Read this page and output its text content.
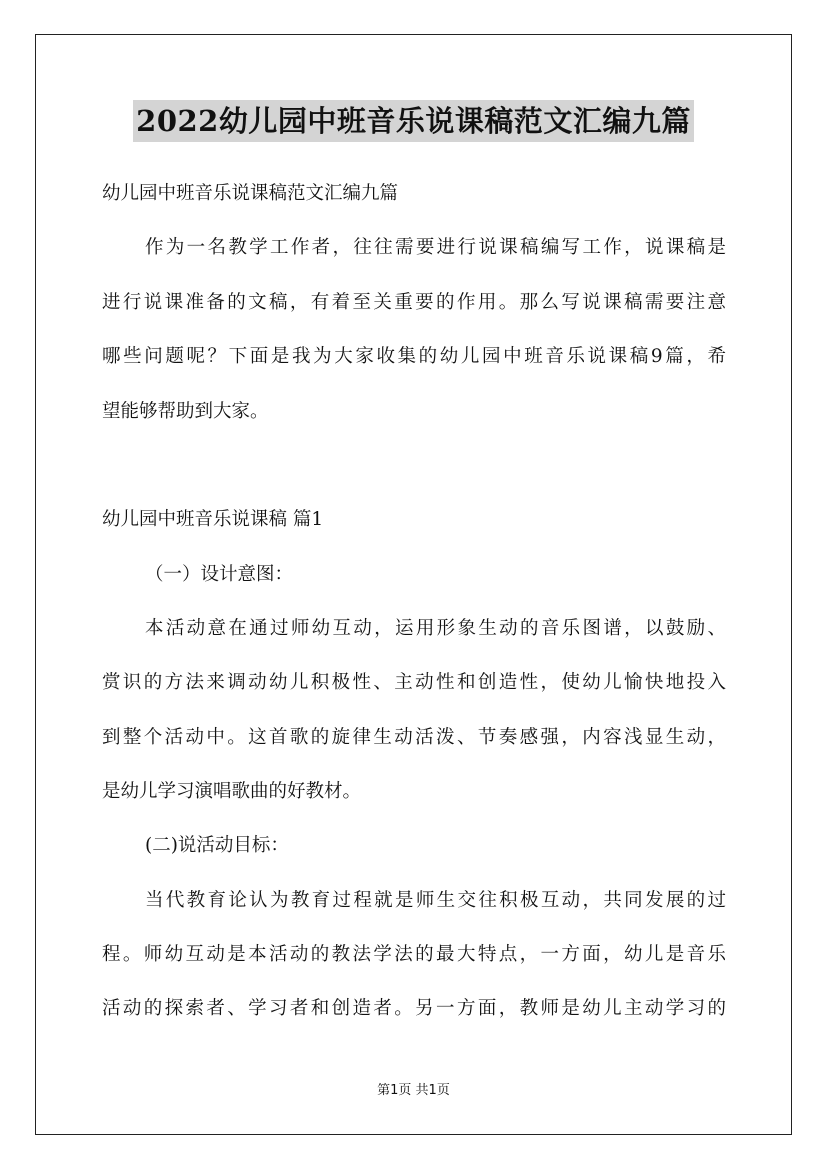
2022幼儿园中班音乐说课稿范文汇编九篇
幼儿园中班音乐说课稿范文汇编九篇
作为一名教学工作者，往往需要进行说课稿编写工作，说课稿是
进行说课准备的文稿，有着至关重要的作用。那么写说课稿需要注意
哪些问题呢？下面是我为大家收集的幼儿园中班音乐说课稿9篇，希
望能够帮助到大家。
幼儿园中班音乐说课稿 篇1
（一）设计意图：
本活动意在通过师幼互动，运用形象生动的音乐图谱，以鼓励、
赏识的方法来调动幼儿积极性、主动性和创造性，使幼儿愉快地投入
到整个活动中。这首歌的旋律生动活泼、节奏感强，内容浅显生动，
是幼儿学习演唱歌曲的好教材。
(二)说活动目标：
当代教育论认为教育过程就是师生交往积极互动，共同发展的过
程。师幼互动是本活动的教法学法的最大特点，一方面，幼儿是音乐
活动的探索者、学习者和创造者。另一方面，教师是幼儿主动学习的
第1页 共1页
